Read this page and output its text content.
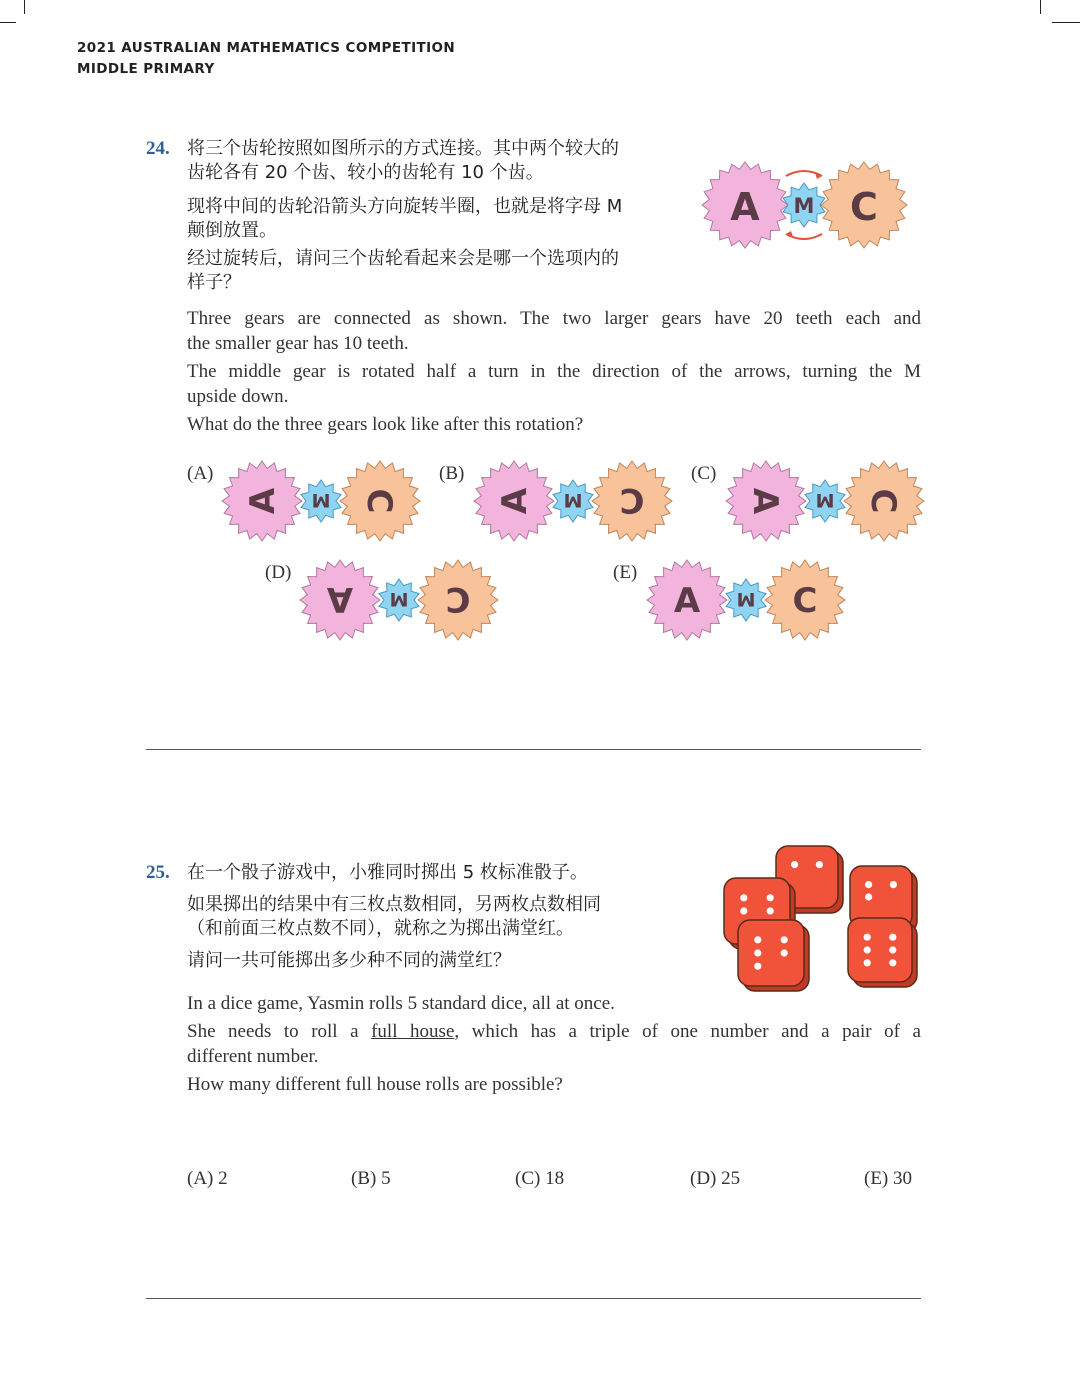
2021 AUSTRALIAN MATHEMATICS COMPETITION
MIDDLE PRIMARY
24. 将三个齿轮按照如图所示的方式连接。其中两个较大的
齿轮各有 20 个齿、较小的齿轮有 10 个齿。
现将中间的齿轮沿箭头方向旋转半圈，也就是将字母 M
颠倒放置。
经过旋转后，请问三个齿轮看起来会是哪一个选项内的
样子？
A M C
Three gears are connected as shown. The two larger gears have 20 teeth each and
the smaller gear has 10 teeth.
The middle gear is rotated half a turn in the direction of the arrows, turning the M
upside down.
What do the three gears look like after this rotation?
(A)	(B)	(C)
(D)	(E)
A M C	A M C	A M C
A M C	A M C
25. 在一个骰子游戏中，小雅同时掷出 5 枚标准骰子。
如果掷出的结果中有三枚点数相同，另两枚点数相同
（和前面三枚点数不同），就称之为掷出满堂红。
请问一共可能掷出多少种不同的满堂红？
In a dice game, Yasmin rolls 5 standard dice, all at once.
She needs to roll a full house, which has a triple of one number and a pair of a
different number.
How many different full house rolls are possible?
(A) 2	(B) 5	(C) 18	(D) 25	(E) 30
